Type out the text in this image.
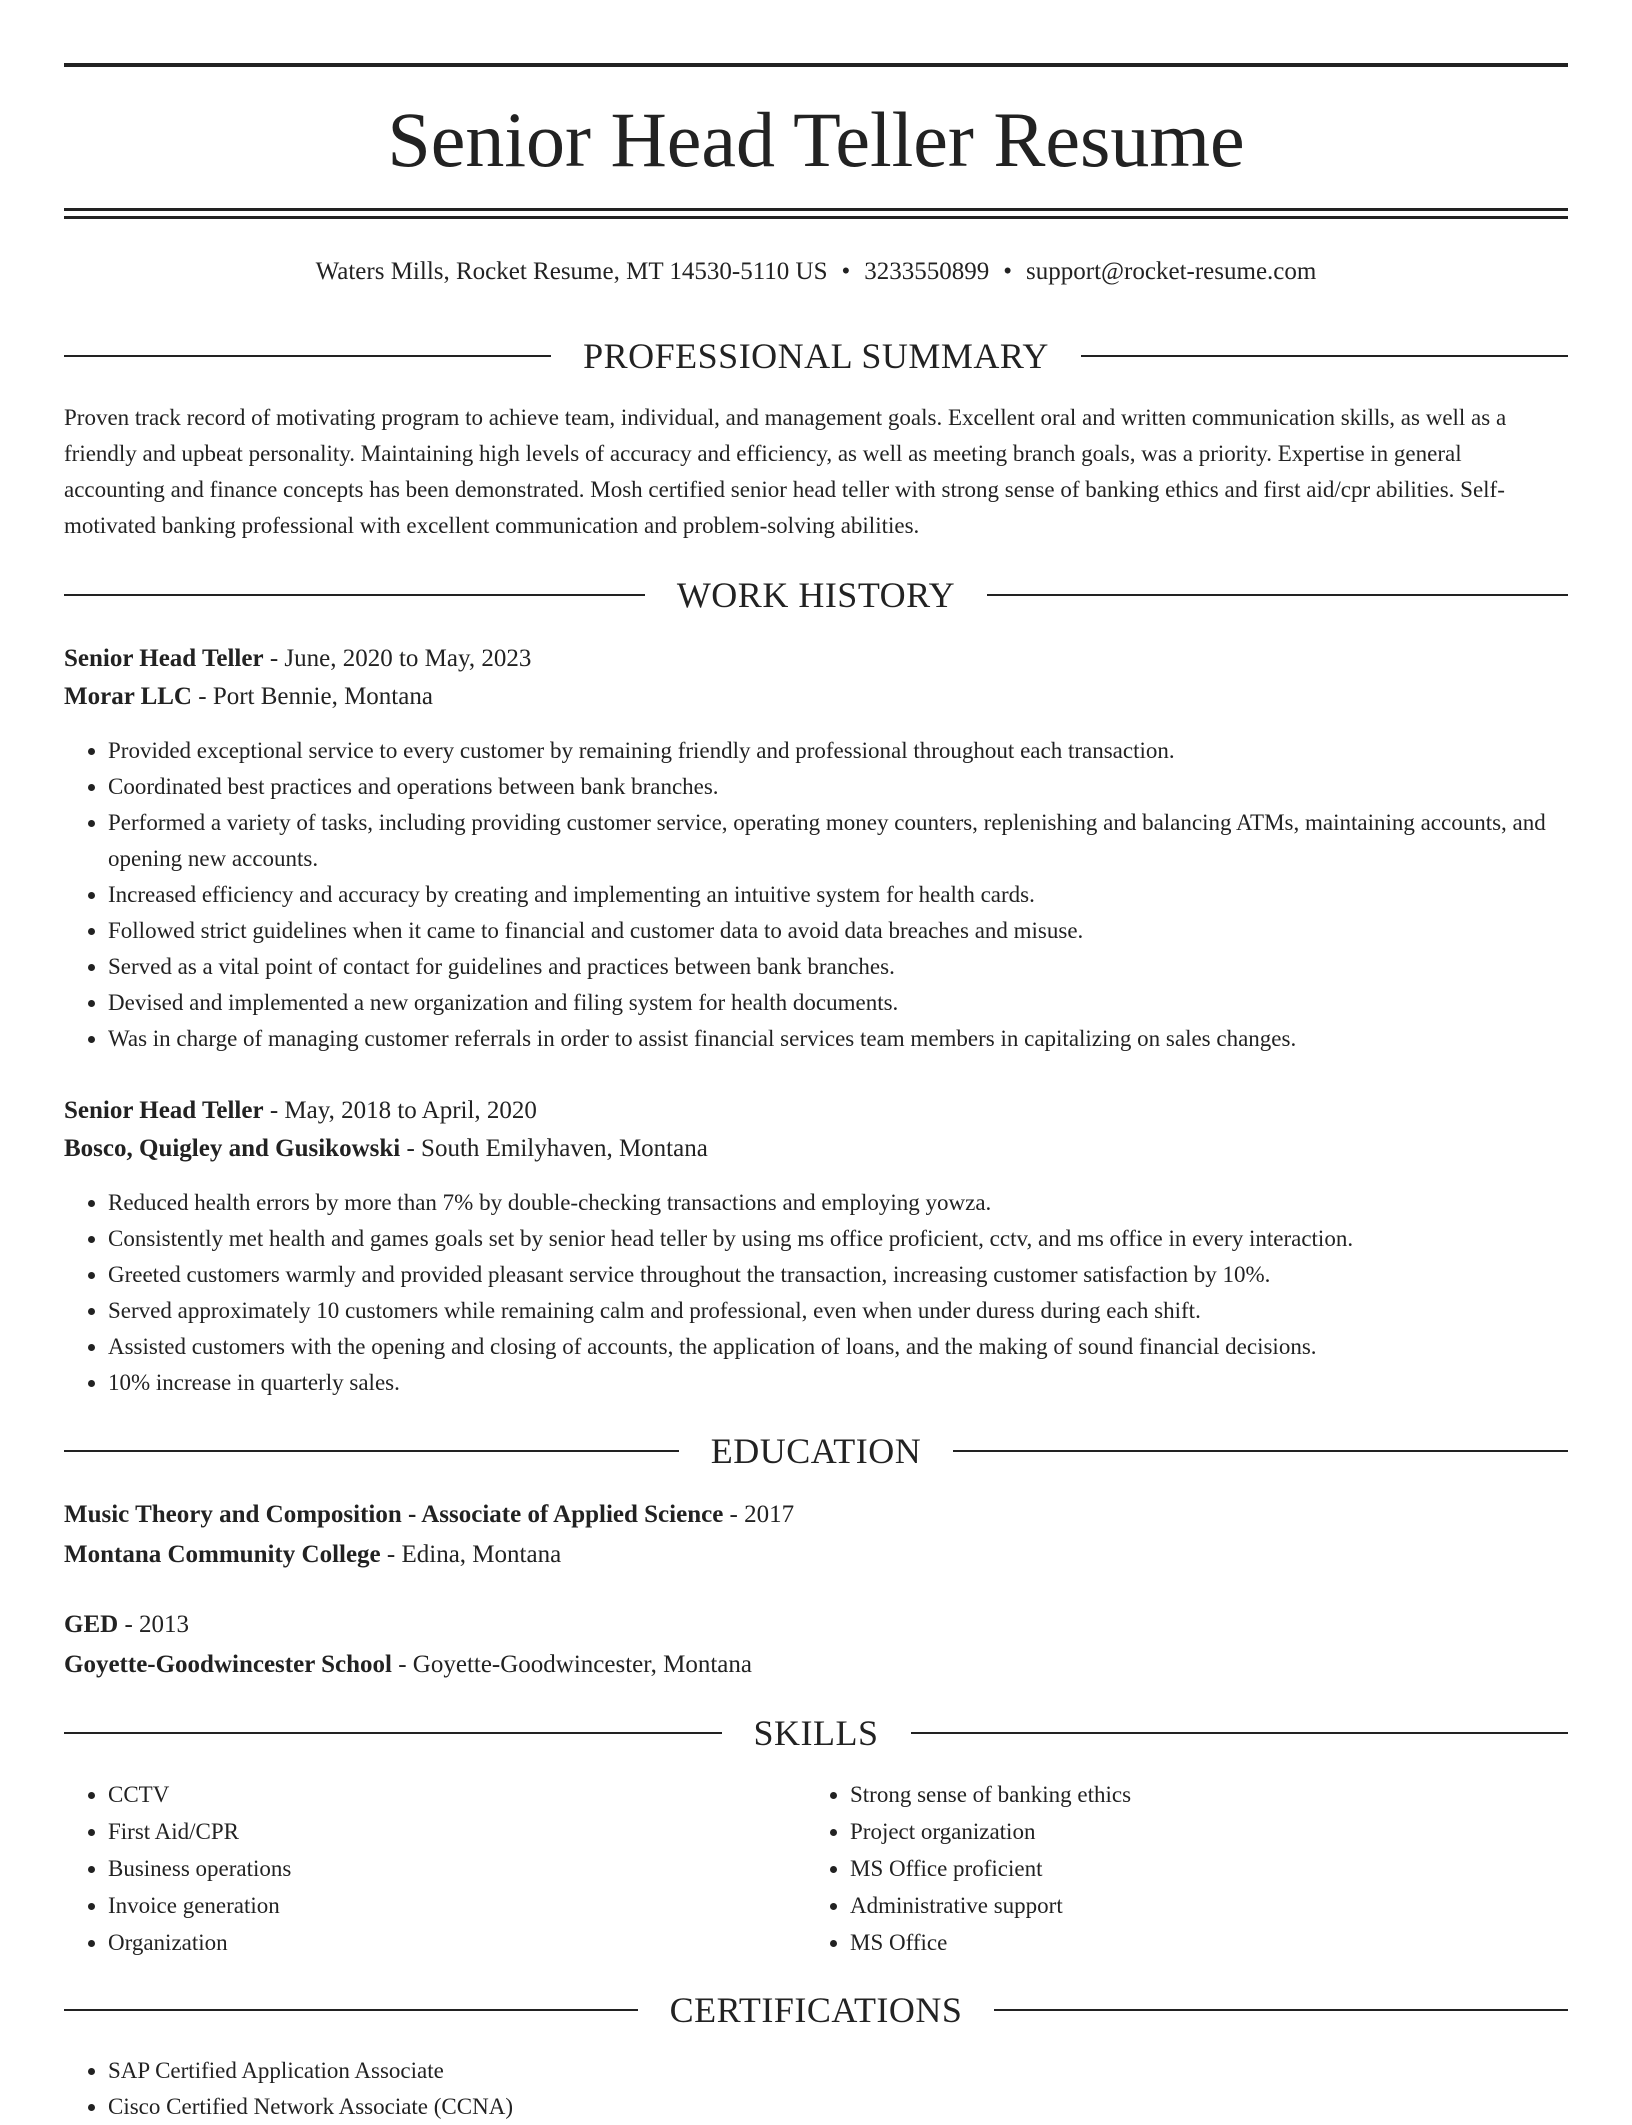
Senior Head Teller Resume
Waters Mills, Rocket Resume, MT 14530-5110 US • 3233550899 • support@rocket-resume.com
PROFESSIONAL SUMMARY

Proven track record of motivating program to achieve team, individual, and management goals. Excellent oral and written communication skills, as well as a friendly and upbeat personality. Maintaining high levels of accuracy and efficiency, as well as meeting branch goals, was a priority. Expertise in general accounting and finance concepts has been demonstrated. Mosh certified senior head teller with strong sense of banking ethics and first aid/cpr abilities. Self-motivated banking professional with excellent communication and problem-solving abilities.

WORK HISTORY
Senior Head Teller - June, 2020 to May, 2023
Morar LLC - Port Bennie, Montana
• Provided exceptional service to every customer by remaining friendly and professional throughout each transaction.
• Coordinated best practices and operations between bank branches.
• Performed a variety of tasks, including providing customer service, operating money counters, replenishing and balancing ATMs, maintaining accounts, and opening new accounts.
• Increased efficiency and accuracy by creating and implementing an intuitive system for health cards.
• Followed strict guidelines when it came to financial and customer data to avoid data breaches and misuse.
• Served as a vital point of contact for guidelines and practices between bank branches.
• Devised and implemented a new organization and filing system for health documents.
• Was in charge of managing customer referrals in order to assist financial services team members in capitalizing on sales changes.
Senior Head Teller - May, 2018 to April, 2020
Bosco, Quigley and Gusikowski - South Emilyhaven, Montana
• Reduced health errors by more than 7% by double-checking transactions and employing yowza.
• Consistently met health and games goals set by senior head teller by using ms office proficient, cctv, and ms office in every interaction.
• Greeted customers warmly and provided pleasant service throughout the transaction, increasing customer satisfaction by 10%.
• Served approximately 10 customers while remaining calm and professional, even when under duress during each shift.
• Assisted customers with the opening and closing of accounts, the application of loans, and the making of sound financial decisions.
• 10% increase in quarterly sales.
EDUCATION
Music Theory and Composition - Associate of Applied Science - 2017
Montana Community College - Edina, Montana
GED - 2013
Goyette-Goodwincester School - Goyette-Goodwincester, Montana
SKILLS
• CCTV
• First Aid/CPR
• Business operations
• Invoice generation
• Organization
• Strong sense of banking ethics
• Project organization
• MS Office proficient
• Administrative support
• MS Office
CERTIFICATIONS
• SAP Certified Application Associate
• Cisco Certified Network Associate (CCNA)
